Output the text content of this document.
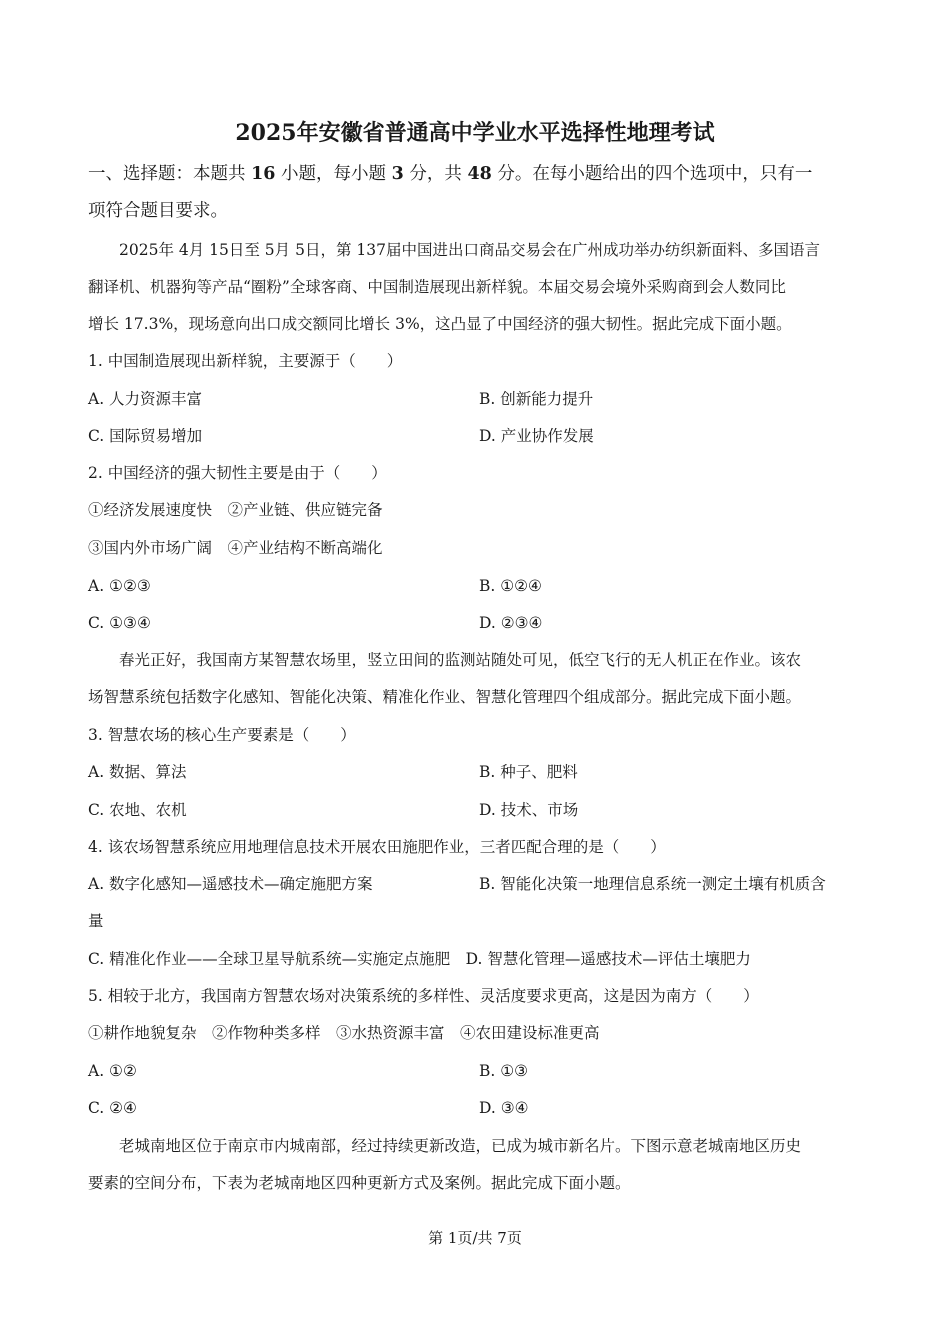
2025年安徽省普通高中学业水平选择性地理考试
一、选择题：本题共 16 小题，每小题 3 分，共 48 分。在每小题给出的四个选项中，只有一
项符合题目要求。
2025年 4月 15日至 5月 5日，第 137届中国进出口商品交易会在广州成功举办纺织新面料、多国语言
翻译机、机器狗等产品“圈粉”全球客商、中国制造展现出新样貌。本届交易会境外采购商到会人数同比
增长 17.3%，现场意向出口成交额同比增长 3%，这凸显了中国经济的强大韧性。据此完成下面小题。
1. 中国制造展现出新样貌，主要源于（　　）
A. 人力资源丰富	B. 创新能力提升
C. 国际贸易增加	D. 产业协作发展
2. 中国经济的强大韧性主要是由于（　　）
①经济发展速度快　②产业链、供应链完备
③国内外市场广阔　④产业结构不断高端化
A. ①②③	B. ①②④
C. ①③④	D. ②③④
春光正好，我国南方某智慧农场里，竖立田间的监测站随处可见，低空飞行的无人机正在作业。该农
场智慧系统包括数字化感知、智能化决策、精准化作业、智慧化管理四个组成部分。据此完成下面小题。
3. 智慧农场的核心生产要素是（　　）
A. 数据、算法	B. 种子、肥料
C. 农地、农机	D. 技术、市场
4. 该农场智慧系统应用地理信息技术开展农田施肥作业，三者匹配合理的是（　　）
A. 数字化感知—遥感技术—确定施肥方案	B. 智能化决策一地理信息系统一测定土壤有机质含
量
C. 精准化作业——全球卫星导航系统—实施定点施肥　D. 智慧化管理—遥感技术—评估土壤肥力
5. 相较于北方，我国南方智慧农场对决策系统的多样性、灵活度要求更高，这是因为南方（　　）
①耕作地貌复杂　②作物种类多样　③水热资源丰富　④农田建设标准更高
A. ①②	B. ①③
C. ②④	D. ③④
老城南地区位于南京市内城南部，经过持续更新改造，已成为城市新名片。下图示意老城南地区历史
要素的空间分布，下表为老城南地区四种更新方式及案例。据此完成下面小题。
第 1页/共 7页
